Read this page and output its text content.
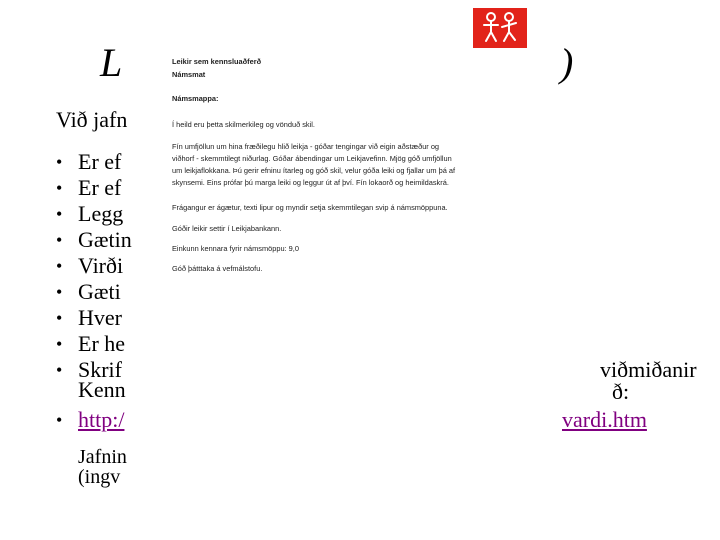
L	)
Við jafn
• Er ef
• Er ef
• Legg
• Gætin
• Virði
• Gæti
• Hver
• Er he
• Skrif
Kenn
• http:/
viðmiðanir
ð:
vardi.htm
Jafnin
(ingv
Leikir sem kennsluaðferð
Námsmat
Námsmappa:
Í heild eru þetta skilmerkileg og vönduð skil.
Fín umfjöllun um hina fræðilegu hlið leikja - góðar tengingar við eigin aðstæður og
viðhorf - skemmtilegt niðurlag. Góðar ábendingar um Leikjavefinn. Mjög góð umfjöllun
um leikjaflokkana. Þú gerir efninu ítarleg og góð skil, velur góða leiki og fjallar um þá af
skynsemi. Eins prófar þú marga leiki og leggur út af því. Fín lokaorð og heimildaskrá.
Frágangur er ágætur, texti lipur og myndir setja skemmtilegan svip á námsmöppuna.
Góðir leikir settir í Leikjabankann.
Einkunn kennara fyrir námsmöppu: 9,0
Góð þátttaka á vefmálstofu.
